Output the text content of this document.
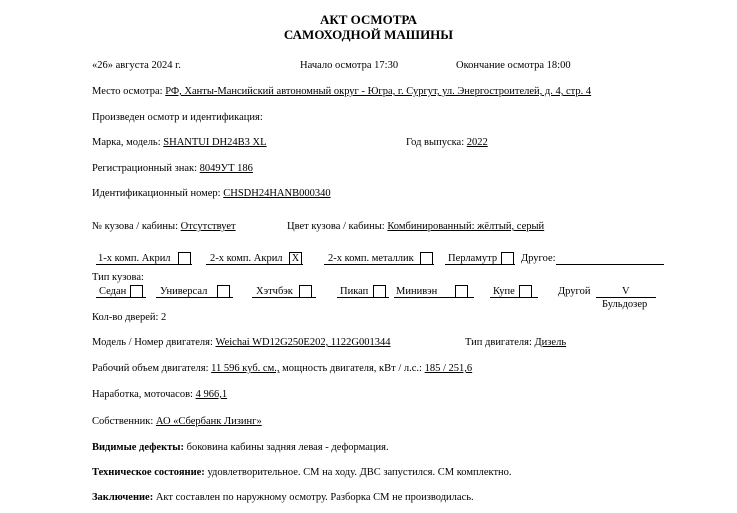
АКТ ОСМОТРА
САМОХОДНОЙ МАШИНЫ
«26» августа 2024 г.	Начало осмотра 17:30	Окончание осмотра 18:00
Место осмотра: РФ, Ханты-Мансийский автономный округ - Югра, г. Сургут, ул. Энергостроителей, д. 4, стр. 4
Произведен осмотр и идентификация:
Марка, модель: SHANTUI DH24B3 XL	Год выпуска: 2022
Регистрационный знак: 8049УТ 186
Идентификационный номер: CHSDH24HANB000340
№ кузова / кабины: Отсутствует	Цвет кузова / кабины: Комбинированный: жёлтый, серый
1-х комп. Акрил	2-х комп. Акрил X	2-х комп. металлик	Перламутр Другое:
Тип кузова:
Седан	Универсал	Хэтчбэк	Пикап	Минивэн	Купе	Другой	V
Бульдозер
Кол-во дверей: 2
Модель / Номер двигателя: Weichai WD12G250E202, 1122G001344	Тип двигателя: Дизель
Рабочий объем двигателя: 11 596 куб. см., мощность двигателя, кВт / л.с.: 185 / 251,6
Наработка, моточасов: 4 966,1
Собственник: АО «Сбербанк Лизинг»
Видимые дефекты: боковина кабины задняя левая - деформация.
Техническое состояние: удовлетворительное. СМ на ходу. ДВС запустился. СМ комплектно.
Заключение: Акт составлен по наружному осмотру. Разборка СМ не производилась.
